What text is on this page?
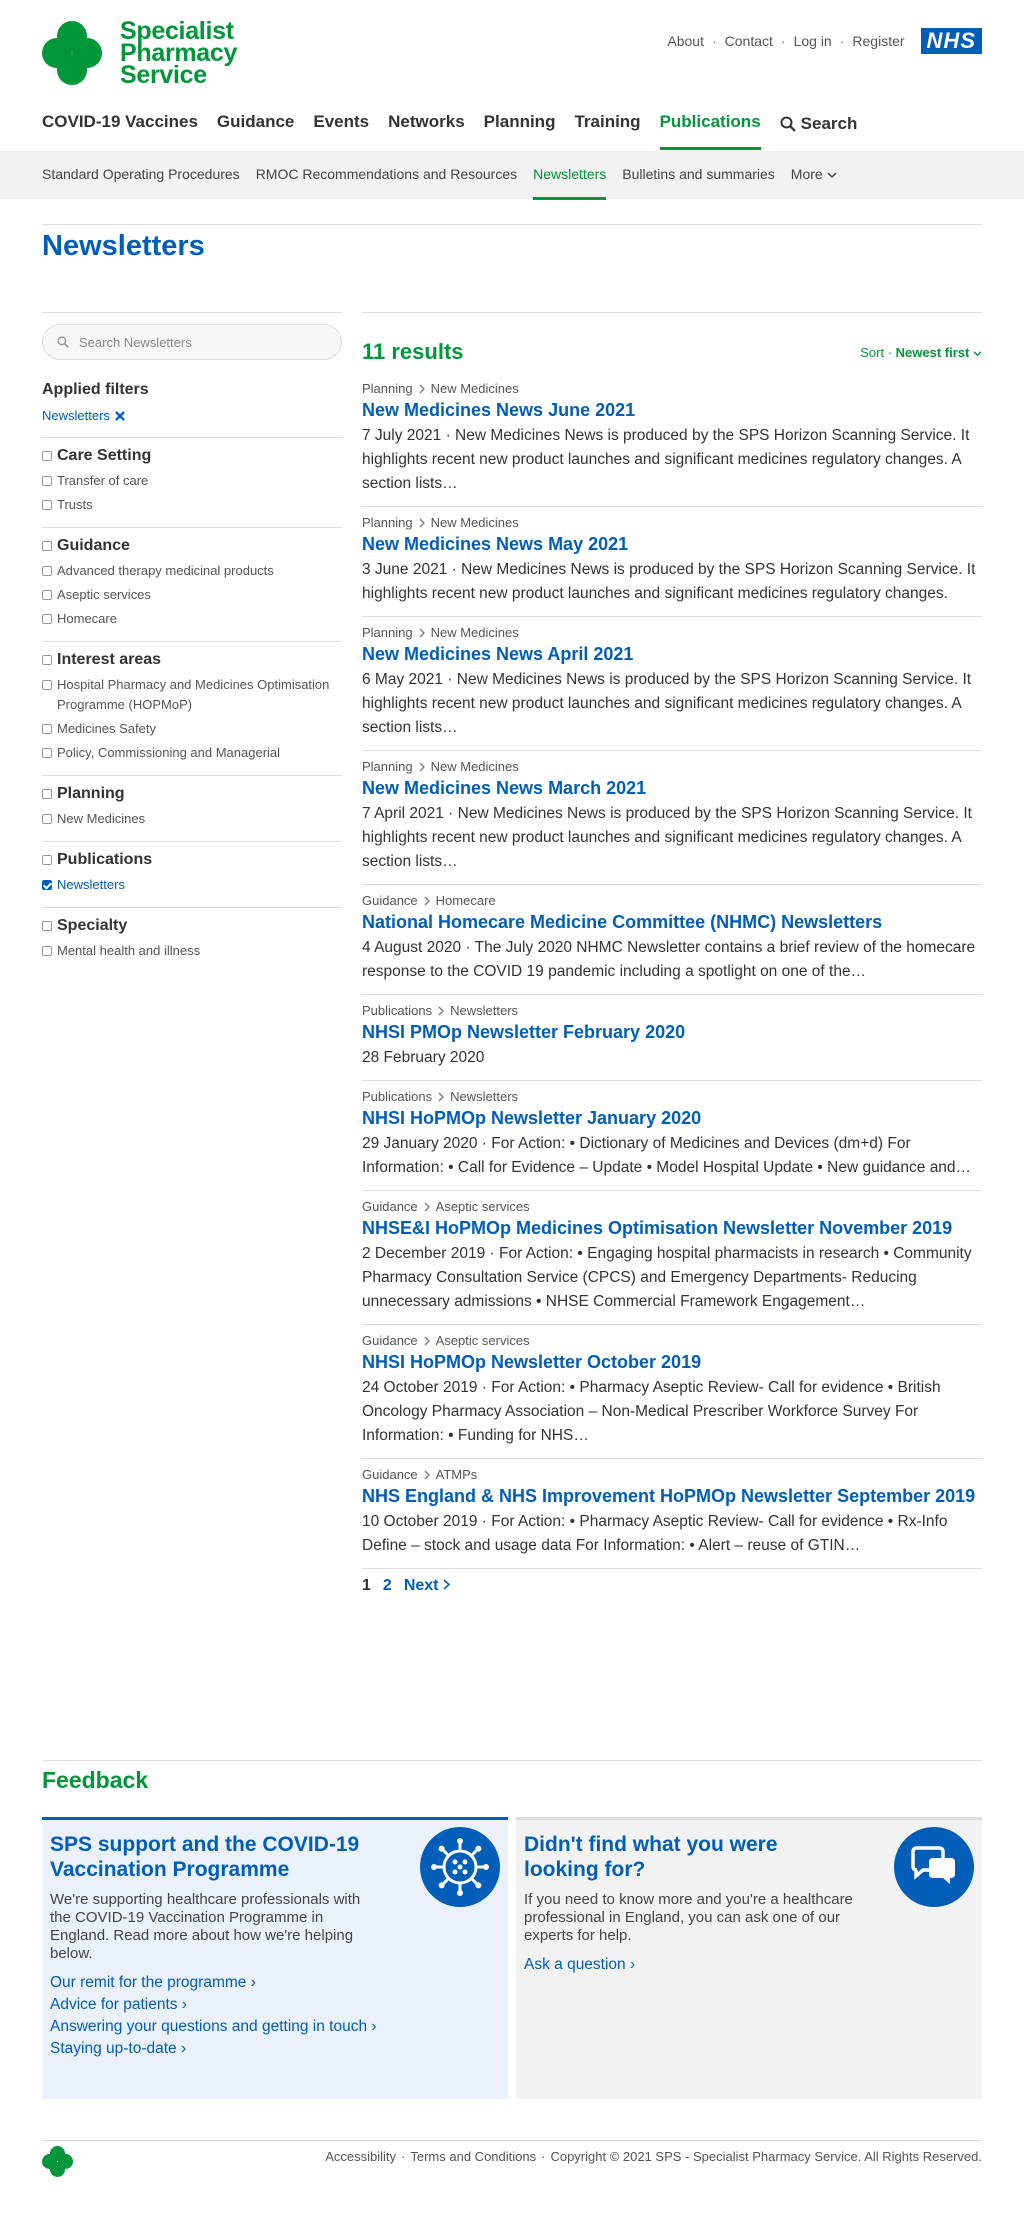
Specialist
Pharmacy
Service
About · Contact · Log in · Register NHS
COVID-19 Vaccines Guidance Events Networks Planning Training Publications Search
Standard Operating Procedures RMOC Recommendations and Resources Newsletters Bulletins and summaries More
Newsletters
Search Newsletters
Applied filters
Newsletters
Care Setting
Transfer of care
Trusts
Guidance
Advanced therapy medicinal products
Aseptic services
Homecare
Interest areas
Hospital Pharmacy and Medicines Optimisation Programme (HOPMoP)
Medicines Safety
Policy, Commissioning and Managerial
Planning
New Medicines
Publications
Newsletters
Specialty
Mental health and illness
11 results	Sort · Newest first
Planning New Medicines
New Medicines News June 2021
7 July 2021 · New Medicines News is produced by the SPS Horizon Scanning Service. It highlights recent new product launches and significant medicines regulatory changes. A section lists…
Planning New Medicines
New Medicines News May 2021
3 June 2021 · New Medicines News is produced by the SPS Horizon Scanning Service. It highlights recent new product launches and significant medicines regulatory changes.
Planning New Medicines
New Medicines News April 2021
6 May 2021 · New Medicines News is produced by the SPS Horizon Scanning Service. It highlights recent new product launches and significant medicines regulatory changes. A section lists…
Planning New Medicines
New Medicines News March 2021
7 April 2021 · New Medicines News is produced by the SPS Horizon Scanning Service. It highlights recent new product launches and significant medicines regulatory changes. A section lists…
Guidance Homecare
National Homecare Medicine Committee (NHMC) Newsletters
4 August 2020 · The July 2020 NHMC Newsletter contains a brief review of the homecare response to the COVID 19 pandemic including a spotlight on one of the…
Publications Newsletters
NHSI PMOp Newsletter February 2020
28 February 2020
Publications Newsletters
NHSI HoPMOp Newsletter January 2020
29 January 2020 · For Action: • Dictionary of Medicines and Devices (dm+d) For Information: • Call for Evidence – Update • Model Hospital Update • New guidance and…
Guidance Aseptic services
NHSE&I HoPMOp Medicines Optimisation Newsletter November 2019
2 December 2019 · For Action: • Engaging hospital pharmacists in research • Community Pharmacy Consultation Service (CPCS) and Emergency Departments- Reducing unnecessary admissions • NHSE Commercial Framework Engagement…
Guidance Aseptic services
NHSI HoPMOp Newsletter October 2019
24 October 2019 · For Action: • Pharmacy Aseptic Review- Call for evidence • British Oncology Pharmacy Association – Non-Medical Prescriber Workforce Survey For Information: • Funding for NHS…
Guidance ATMPs
NHS England & NHS Improvement HoPMOp Newsletter September 2019
10 October 2019 · For Action: • Pharmacy Aseptic Review- Call for evidence • Rx-Info Define – stock and usage data For Information: • Alert – reuse of GTIN…
1 2 Next
Feedback
SPS support and the COVID-19 Vaccination Programme

We're supporting healthcare professionals with the COVID-19 Vaccination Programme in England. Read more about how we're helping below.

Our remit for the programme ›
Advice for patients ›
Answering your questions and getting in touch ›
Staying up-to-date ›
Didn't find what you were looking for?

If you need to know more and you're a healthcare professional in England, you can ask one of our experts for help.

Ask a question ›
Accessibility · Terms and Conditions · Copyright © 2021 SPS - Specialist Pharmacy Service. All Rights Reserved.
